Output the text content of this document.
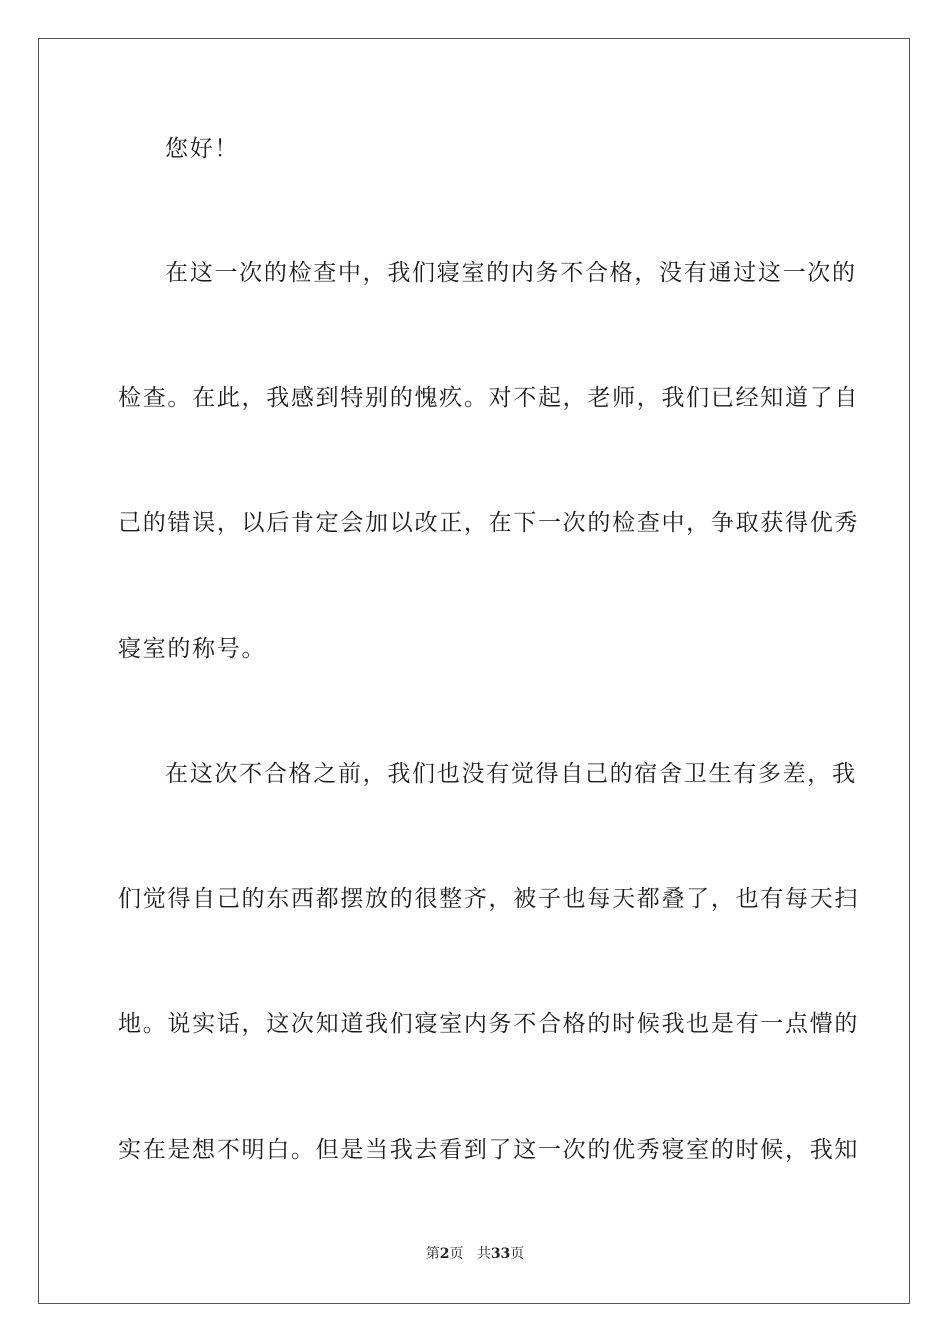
您好！
在 这 一 次 的 检 查 中 ， 我 们 寝 室 的 内 务 不 合 格 ， 没 有 通 过 这 一 次 的
检 查 。 在 此 ， 我 感 到 特 别 的 愧 疚 。 对 不 起 ， 老 师 ， 我 们 已 经 知 道 了 自
己 的 错 误 ， 以 后 肯 定 会 加 以 改 正 ， 在 下 一 次 的 检 查 中 ， 争 取 获 得 优 秀
寝室的称号。
在 这 次 不 合 格 之 前 ， 我 们 也 没 有 觉 得 自 己 的 宿 舍 卫 生 有 多 差 ， 我
们 觉 得 自 己 的 东 西 都 摆 放 的 很 整 齐 ， 被 子 也 每 天 都 叠 了 ， 也 有 每 天 扫
地 。 说 实 话 ， 这 次 知 道 我 们 寝 室 内 务 不 合 格 的 时 候 我 也 是 有 一 点 懵 的
实 在 是 想 不 明 白 。 但 是 当 我 去 看 到 了 这 一 次 的 优 秀 寝 室 的 时 候 ， 我 知
第2页 共33页
